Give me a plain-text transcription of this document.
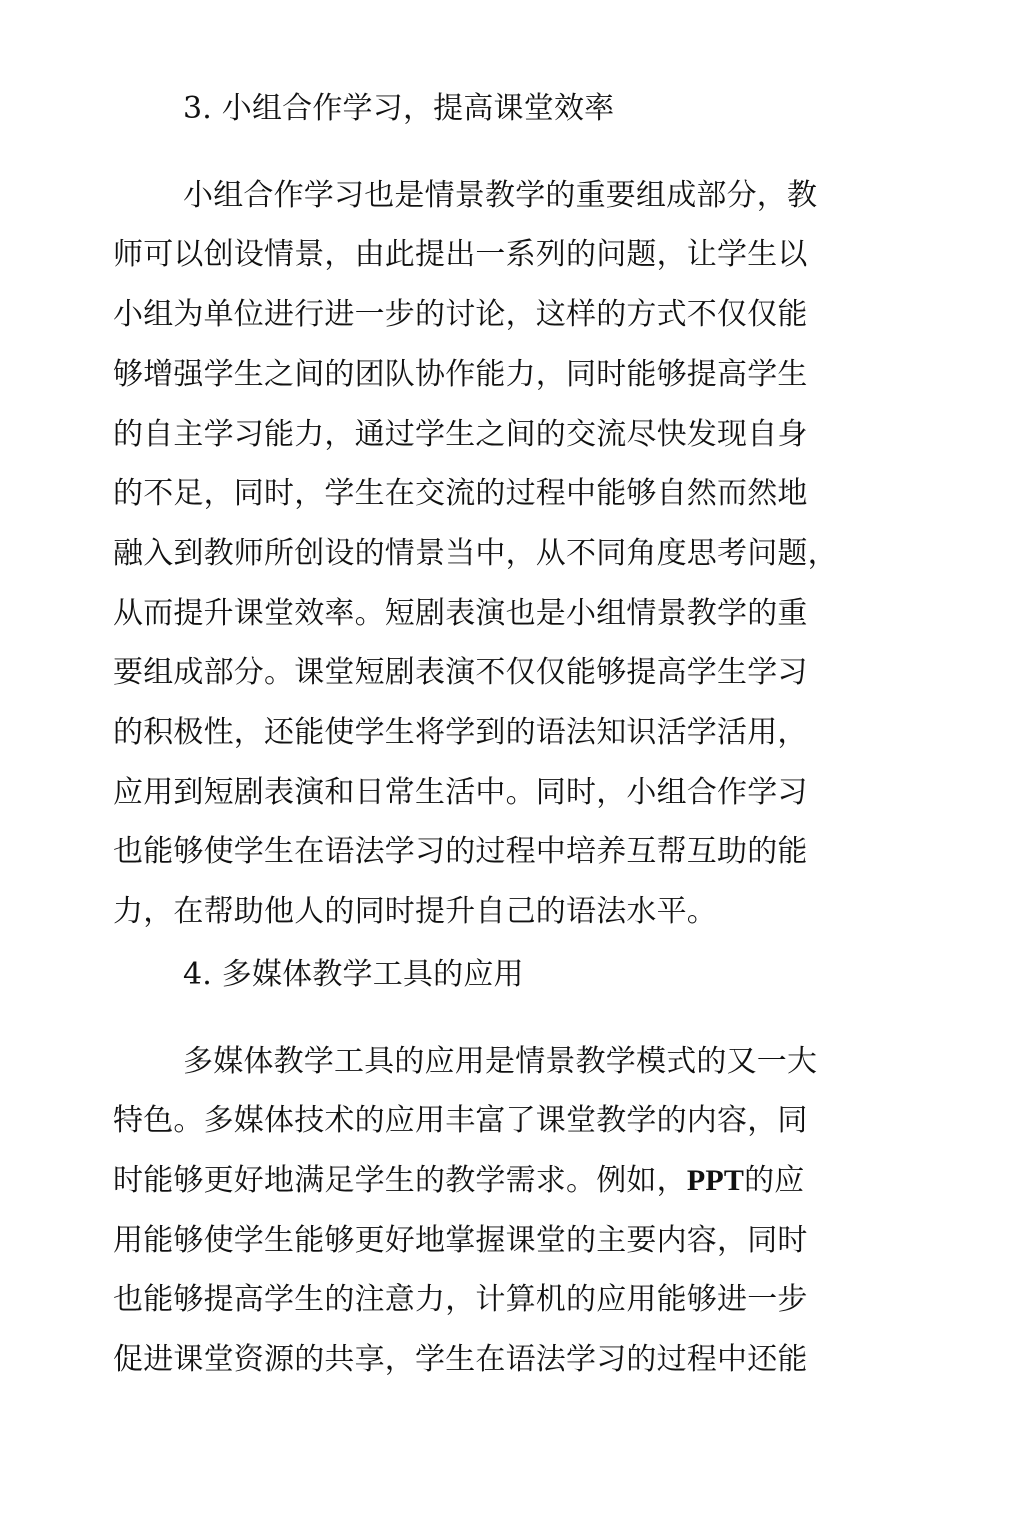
3. 小组合作学习，提高课堂效率
小组合作学习也是情景教学的重要组成部分，教
师可以创设情景，由此提出一系列的问题，让学生以
小组为单位进行进一步的讨论，这样的方式不仅仅能
够增强学生之间的团队协作能力，同时能够提高学生
的自主学习能力，通过学生之间的交流尽快发现自身
的不足，同时，学生在交流的过程中能够自然而然地
融入到教师所创设的情景当中，从不同角度思考问题，
从而提升课堂效率。短剧表演也是小组情景教学的重
要组成部分。课堂短剧表演不仅仅能够提高学生学习
的积极性，还能使学生将学到的语法知识活学活用，
应用到短剧表演和日常生活中。同时，小组合作学习
也能够使学生在语法学习的过程中培养互帮互助的能
力，在帮助他人的同时提升自己的语法水平。
4. 多媒体教学工具的应用
多媒体教学工具的应用是情景教学模式的又一大
特色。多媒体技术的应用丰富了课堂教学的内容，同
时能够更好地满足学生的教学需求。例如，PPT的应
用能够使学生能够更好地掌握课堂的主要内容，同时
也能够提高学生的注意力，计算机的应用能够进一步
促进课堂资源的共享，学生在语法学习的过程中还能
